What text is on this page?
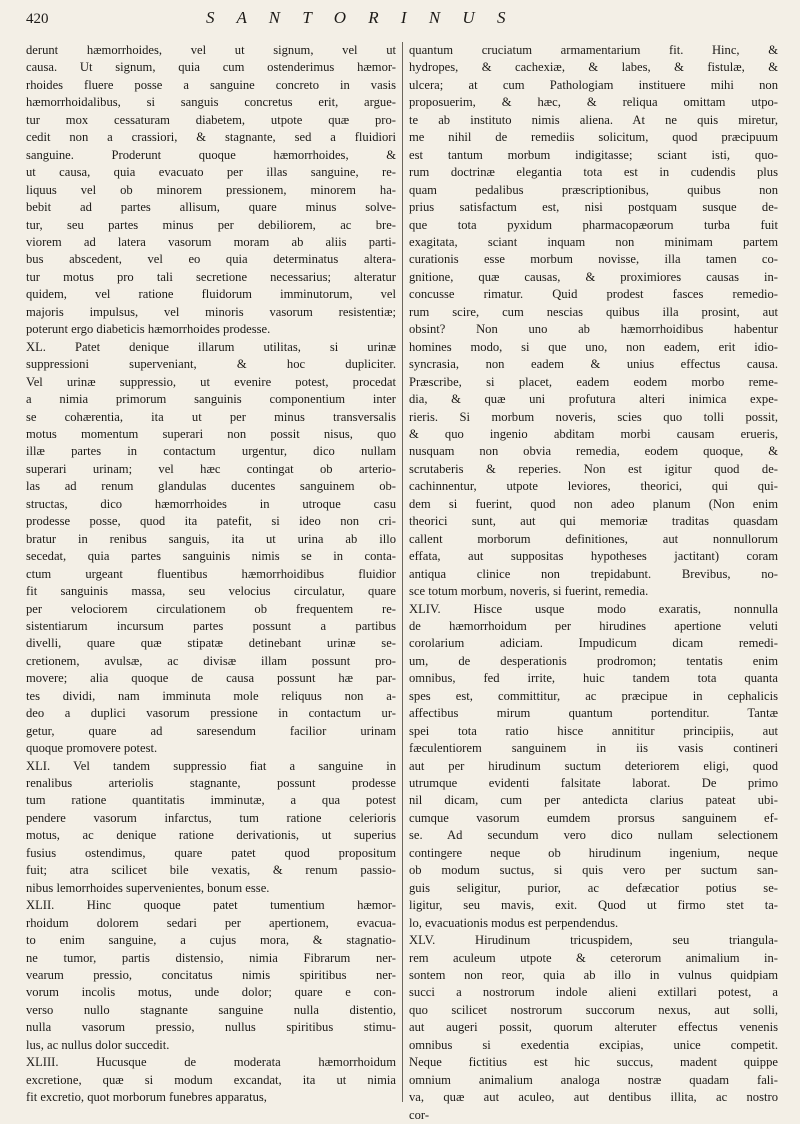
420	S A N T O R I N U S
derunt hæmorrhoides, vel ut signum, vel ut
causa. Ut signum, quia cum ostenderimus hæmor-
rhoides fluere posse a sanguine concreto in vasis
hæmorrhoidalibus, si sanguis concretus erit, argue-
tur mox cessaturam diabetem, utpote quæ pro-
cedit non a crassiori, & stagnante, sed a fluidiori
sanguine. Proderunt quoque hæmorrhoides, &
ut causa, quia evacuato per illas sanguine, re-
liquus vel ob minorem pressionem, minorem ha-
bebit ad partes allisum, quare minus solve-
tur, seu partes minus per debiliorem, ac bre-
viorem ad latera vasorum moram ab aliis parti-
bus abscedent, vel eo quia determinatus altera-
tur motus pro tali secretione necessarius; alteratur
quidem, vel ratione fluidorum imminutorum, vel
majoris impulsus, vel minoris vasorum resistentiæ;
poterunt ergo diabeticis hæmorrhoides prodesse.
XL. Patet denique illarum utilitas, si urinæ
suppressioni superveniant, & hoc dupliciter.
Vel urinæ suppressio, ut evenire potest, procedat
a nimia primorum sanguinis componentium inter
se cohærentia, ita ut per minus transversalis
motus momentum superari non possit nisus, quo
illæ partes in contactum urgentur, dico nullam
superari urinam; vel hæc contingat ob arterio-
las ad renum glandulas ducentes sanguinem ob-
structas, dico hæmorrhoides in utroque casu
prodesse posse, quod ita patefit, si ideo non cri-
bratur in renibus sanguis, ita ut urina ab illo
secedat, quia partes sanguinis nimis se in conta-
ctum urgeant fluentibus hæmorrhoidibus fluidior
fit sanguinis massa, seu velocius circulatur, quare
per velociorem circulationem ob frequentem re-
sistentiarum incursum partes possunt a partibus
divelli, quare quæ stipatæ detinebant urinæ se-
cretionem, avulsæ, ac divisæ illam possunt pro-
movere; alia quoque de causa possunt hæ par-
tes dividi, nam imminuta mole reliquus non a-
deo a duplici vasorum pressione in contactum ur-
getur, quare ad saresendum facilior urinam
quoque promovere potest.
XLI. Vel tandem suppressio fiat a sanguine in
renalibus arteriolis stagnante, possunt prodesse
tum ratione quantitatis imminutæ, a qua potest
pendere vasorum infarctus, tum ratione celerioris
motus, ac denique ratione derivationis, ut superius
fusius ostendimus, quare patet quod propositum
fuit; atra scilicet bile vexatis, & renum passio-
nibus lemorrhoides supervenientes, bonum esse.
XLII. Hinc quoque patet tumentium hæmor-
rhoidum dolorem sedari per apertionem, evacua-
to enim sanguine, a cujus mora, & stagnatio-
ne tumor, partis distensio, nimia Fibrarum ner-
vearum pressio, concitatus nimis spiritibus ner-
vorum incolis motus, unde dolor; quare e con-
verso nullo stagnante sanguine nulla distentio,
nulla vasorum pressio, nullus spiritibus stimu-
lus, ac nullus dolor succedit.
XLIII. Hucusque de moderata hæmorrhoidum
excretione, quæ si modum excandat, ita ut nimia
fit excretio, quot morborum funebres apparatus,
quantum cruciatum armamentarium fit. Hinc, &
hydropes, & cachexiæ, & labes, & fistulæ, &
ulcera; at cum Pathologiam instituere mihi non
proposuerim, & hæc, & reliqua omittam utpo-
te ab instituto nimis aliena. At ne quis miretur,
me nihil de remediis solicitum, quod præcipuum
est tantum morbum indigitasse; sciant isti, quo-
rum doctrinæ elegantia tota est in cudendis plus
quam pedalibus præscriptionibus, quibus non
prius satisfactum est, nisi postquam susque de-
que tota pyxidum pharmacopæorum turba fuit
exagitata, sciant inquam non minimam partem
curationis esse morbum novisse, illa tamen co-
gnitione, quæ causas, & proximiores causas in-
concusse rimatur. Quid prodest fasces remedio-
rum scire, cum nescias quibus illa prosint, aut
obsint? Non uno ab hæmorrhoidibus habentur
homines modo, si que uno, non eadem, erit idio-
syncrasia, non eadem & unius effectus causa.
Præscribe, si placet, eadem eodem morbo reme-
dia, & quæ uni profutura alteri inimica expe-
rieris. Si morbum noveris, scies quo tolli possit,
& quo ingenio abditam morbi causam erueris,
nusquam non obvia remedia, eodem quoque, &
scrutaberis & reperies. Non est igitur quod de-
cachinnentur, utpote leviores, theorici, qui qui-
dem si fuerint, quod non adeo planum (Non enim
theorici sunt, aut qui memoriæ traditas quasdam
callent morborum definitiones, aut nonnullorum
effata, aut suppositas hypotheses jactitant) coram
antiqua clinice non trepidabunt. Brevibus, no-
sce totum morbum, noveris, si fuerint, remedia.
XLIV. Hisce usque modo exaratis, nonnulla
de hæmorrhoidum per hirudines apertione veluti
corolarium adiciam. Impudicum dicam remedi-
um, de desperationis prodromon; tentatis enim
omnibus, fed irrite, huic tandem tota quanta
spes est, committitur, ac præcipue in cephalicis
affectibus mirum quantum portenditur. Tantæ
spei tota ratio hisce annititur principiis, aut
fæculentiorem sanguinem in iis vasis contineri
aut per hirudinum suctum deteriorem eligi, quod
utrumque evidenti falsitate laborat. De primo
nil dicam, cum per antedicta clarius pateat ubi-
cumque vasorum eumdem prorsus sanguinem ef-
se. Ad secundum vero dico nullam selectionem
contingere neque ob hirudinum ingenium, neque
ob modum suctus, si quis vero per suctum san-
guis seligitur, purior, ac defæcatior potius se-
ligitur, seu mavis, exit. Quod ut firmo stet ta-
lo, evacuationis modus est perpendendus.
XLV. Hirudinum tricuspidem, seu triangula-
rem aculeum utpote & ceterorum animalium in-
sontem non reor, quia ab illo in vulnus quidpiam
succi a nostrorum indole alieni extillari potest, a
quo scilicet nostrorum succorum nexus, aut solli,
aut augeri possit, quorum alteruter effectus venenis
omnibus si exedentia excipias, unice competit.
Neque fictitius est hic succus, madent quippe
omnium animalium analoga nostræ quadam fali-
va, quæ aut aculeo, aut dentibus illita, ac nostro
cor-
